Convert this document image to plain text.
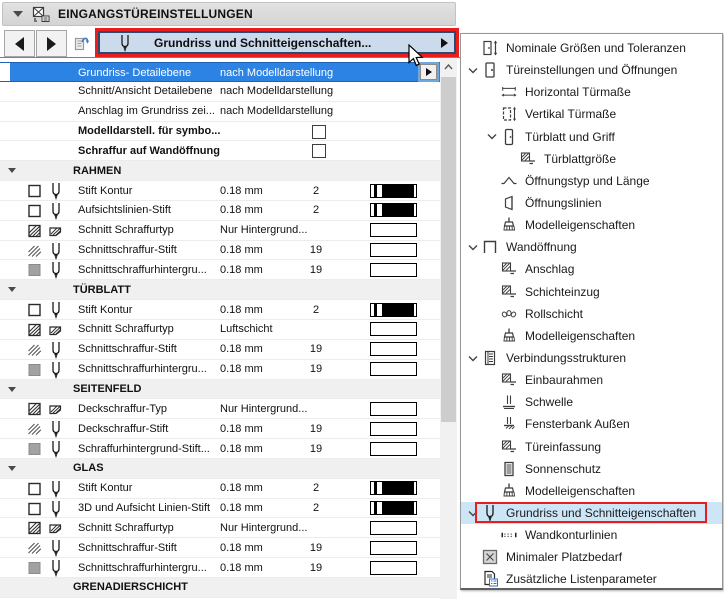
EINGANGSTÜREINSTELLUNGEN
Grundriss und Schnitteigenschaften...
Grundriss- Detailebene	nach Modelldarstellung
Schnitt/Ansicht Detailebene nach Modelldarstellung
Anschlag im Grundriss zei... nach Modelldarstellung
Modelldarstell. für symbo...
Schraffur auf Wandöffnung
RAHMEN
Stift Kontur	0.18 mm	2
Aufsichtslinien-Stift	0.18 mm	2
Schnitt Schraffurtyp	Nur Hintergrund...
Schnittschraffur-Stift	0.18 mm	19
Schnittschraffurhintergru... 0.18 mm	19
TÜRBLATT
Stift Kontur	0.18 mm	2
Schnitt Schraffurtyp	Luftschicht
Schnittschraffur-Stift	0.18 mm	19
Schnittschraffurhintergru... 0.18 mm	19
SEITENFELD
Deckschraffur-Typ	Nur Hintergrund...
Deckschraffur-Stift	0.18 mm	19
Schraffurhintergrund-Stift... 0.18 mm	19
GLAS
Stift Kontur	0.18 mm	2
3D und Aufsicht Linien-Stift 0.18 mm	2
Schnitt Schraffurtyp	Nur Hintergrund...
Schnittschraffur-Stift	0.18 mm	19
Schnittschraffurhintergru... 0.18 mm	19
GRENADIERSCHICHT
Nominale Größen und Toleranzen
Türeinstellungen und Öffnungen
Horizontal Türmaße
Vertikal Türmaße
Türblatt und Griff
Türblattgröße
Öffnungstyp und Länge
Öffnungslinien
Modelleigenschaften
Wandöffnung
Anschlag
Schichteinzug
Rollschicht
Modelleigenschaften
Verbindungsstrukturen
Einbaurahmen
Schwelle
Fensterbank Außen
Türeinfassung
Sonnenschutz
Modelleigenschaften
Grundriss und Schnitteigenschaften
Wandkonturlinien
Minimaler Platzbedarf
Zusätzliche Listenparameter
